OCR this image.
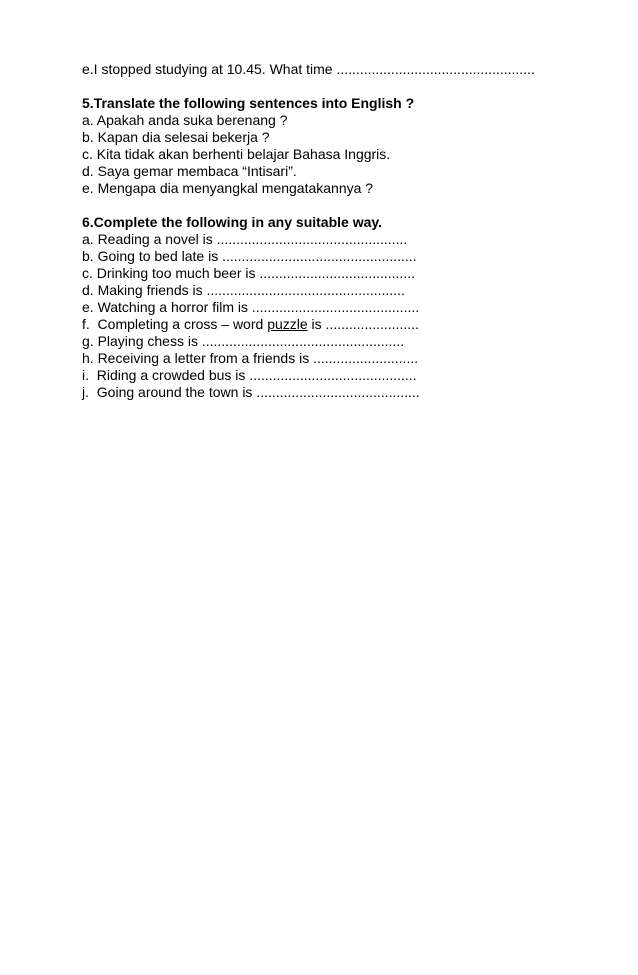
e.I stopped studying at 10.45. What time ...................................................
5.Translate the following sentences into English ?
a. Apakah anda suka berenang ?
b. Kapan dia selesai bekerja ?
c. Kita tidak akan berhenti belajar Bahasa Inggris.
d. Saya gemar membaca “Intisari”.
e. Mengapa dia menyangkal mengatakannya ?
6.Complete the following in any suitable way.
a. Reading a novel is .................................................
b. Going to bed late is ..................................................
c. Drinking too much beer is ........................................
d. Making friends is ...................................................
e. Watching a horror film is ...........................................
f.  Completing a cross – word puzzle is ........................
g. Playing chess is ....................................................
h. Receiving a letter from a friends is ...........................
i.  Riding a crowded bus is ...........................................
j.  Going around the town is ..........................................
